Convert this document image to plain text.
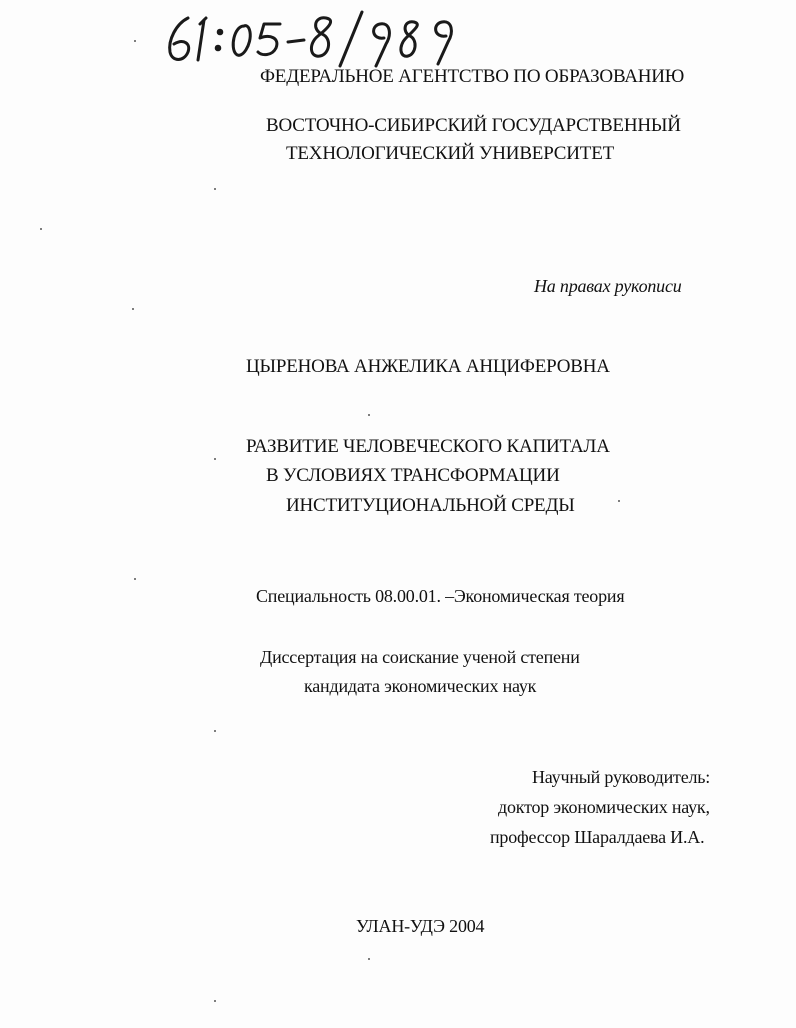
61:05-8/989
ФЕДЕРАЛЬНОЕ АГЕНТСТВО ПО ОБРАЗОВАНИЮ
ВОСТОЧНО-СИБИРСКИЙ ГОСУДАРСТВЕННЫЙ
ТЕХНОЛОГИЧЕСКИЙ УНИВЕРСИТЕТ
На правах рукописи
ЦЫРЕНОВА АНЖЕЛИКА АНЦИФЕРОВНА
РАЗВИТИЕ ЧЕЛОВЕЧЕСКОГО КАПИТАЛА
В УСЛОВИЯХ ТРАНСФОРМАЦИИ
ИНСТИТУЦИОНАЛЬНОЙ СРЕДЫ
Специальность 08.00.01. –Экономическая теория
Диссертация на соискание ученой степени
кандидата экономических наук
Научный руководитель:
доктор экономических наук,
профессор Шаралдаева И.А.
УЛАН-УДЭ 2004
